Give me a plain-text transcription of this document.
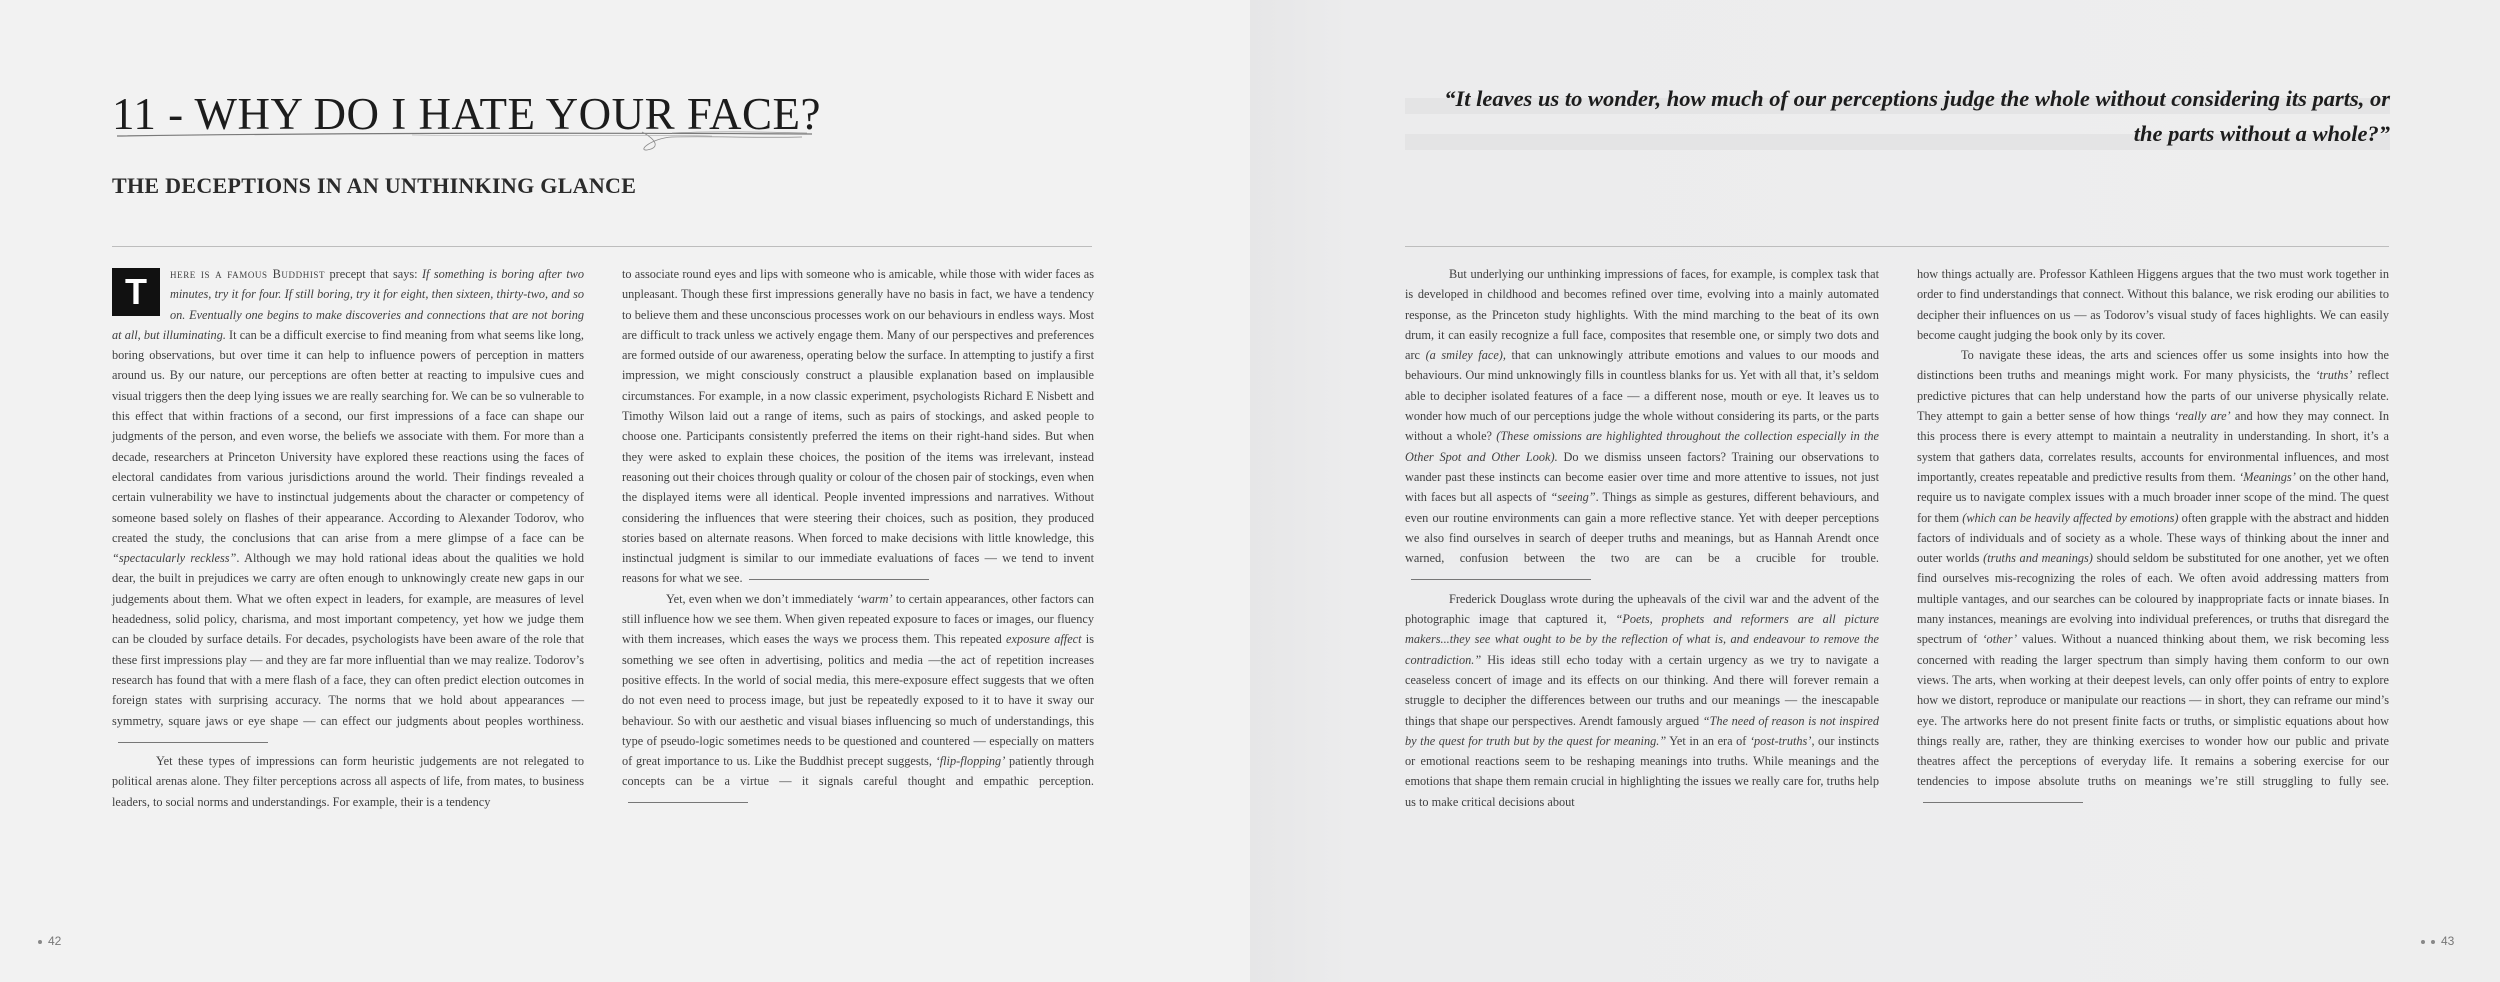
11 - WHY DO I HATE YOUR FACE?
THE DECEPTIONS IN AN UNTHINKING GLANCE

T	here is a famous Buddhist precept that says: If something is boring after two minutes, try it for four. If still boring, try it for eight, then sixteen, thirty-two, and so on. Eventually one begins to make discoveries and connections that are not boring at all, but illuminating. It can be a difficult exercise to find meaning from what seems like long, boring observations, but over time it can help to influence powers of perception in matters around us. By our nature, our perceptions are often better at reacting to impulsive cues and visual triggers then the deep lying issues we are really searching for. We can be so vulnerable to this effect that within fractions of a second, our first impressions of a face can shape our judgments of the person, and even worse, the beliefs we associate with them. For more than a decade, researchers at Princeton University have explored these reactions using the faces of electoral candidates from various jurisdictions around the world. Their findings revealed a certain vulnerability we have to instinctual judgements about the character or competency of someone based solely on flashes of their appearance. According to Alexander Todorov, who created the study, the conclusions that can arise from a mere glimpse of a face can be “spectacularly reckless”. Although we may hold rational ideas about the qualities we hold dear, the built in prejudices we carry are often enough to unknowingly create new gaps in our judgements about them. What we often expect in leaders, for example, are measures of level headedness, solid policy, charisma, and most important competency, yet how we judge them can be clouded by surface details. For decades, psychologists have been aware of the role that these first impressions play — and they are far more influential than we may realize. Todorov’s research has found that with a mere flash of a face, they can often predict election outcomes in foreign states with surprising accuracy. The norms that we hold about appearances — symmetry, square jaws or eye shape — can effect our judgments about peoples worthiness.

Yet these types of impressions can form heuristic judgements are not relegated to political arenas alone. They filter perceptions across all aspects of life, from mates, to business leaders, to social norms and understandings. For example, their is a tendency

to associate round eyes and lips with someone who is amicable, while those with wider faces as unpleasant. Though these first impressions generally have no basis in fact, we have a tendency to believe them and these unconscious processes work on our behaviours in endless ways. Most are difficult to track unless we actively engage them. Many of our perspectives and preferences are formed outside of our awareness, operating below the surface. In attempting to justify a first impression, we might consciously construct a plausible explanation based on implausible circumstances. For example, in a now classic experiment, psychologists Richard E Nisbett and Timothy Wilson laid out a range of items, such as pairs of stockings, and asked people to choose one. Participants consistently preferred the items on their right-hand sides. But when they were asked to explain these choices, the position of the items was irrelevant, instead reasoning out their choices through quality or colour of the chosen pair of stockings, even when the displayed items were all identical. People invented impressions and narratives. Without considering the influences that were steering their choices, such as position, they produced stories based on alternate reasons. When forced to make decisions with little knowledge, this instinctual judgment is similar to our immediate evaluations of faces — we tend to invent reasons for what we see.

Yet, even when we don’t immediately ‘warm’ to certain appearances, other factors can still influence how we see them. When given repeated exposure to faces or images, our fluency with them increases, which eases the ways we process them. This repeated exposure affect is something we see often in advertising, politics and media —the act of repetition increases positive effects. In the world of social media, this mere-exposure effect suggests that we often do not even need to process image, but just be repeatedly exposed to it to have it sway our behaviour. So with our aesthetic and visual biases influencing so much of understandings, this type of pseudo-logic sometimes needs to be questioned and countered — especially on matters of great importance to us. Like the Buddhist precept suggests, ‘flip-flopping’ patiently through concepts can be a virtue — it signals careful thought and empathic perception.

42
“It leaves us to wonder, how much of our perceptions judge the whole without considering its parts, or
the parts without a whole?”

But underlying our unthinking impressions of faces, for example, is complex task that is developed in childhood and becomes refined over time, evolving into a mainly automated response, as the Princeton study highlights. With the mind marching to the beat of its own drum, it can easily recognize a full face, composites that resemble one, or simply two dots and arc (a smiley face), that can unknowingly attribute emotions and values to our moods and behaviours. Our mind unknowingly fills in countless blanks for us. Yet with all that, it’s seldom able to decipher isolated features of a face — a different nose, mouth or eye. It leaves us to wonder how much of our perceptions judge the whole without considering its parts, or the parts without a whole? (These omissions are highlighted throughout the collection especially in the Other Spot and Other Look). Do we dismiss unseen factors? Training our observations to wander past these instincts can become easier over time and more attentive to issues, not just with faces but all aspects of “seeing”. Things as simple as gestures, different behaviours, and even our routine environments can gain a more reflective stance. Yet with deeper perceptions we also find ourselves in search of deeper truths and meanings, but as Hannah Arendt once warned, confusion between the two are can be a crucible for trouble.

Frederick Douglass wrote during the upheavals of the civil war and the advent of the photographic image that captured it, “Poets, prophets and reformers are all picture makers...they see what ought to be by the reflection of what is, and endeavour to remove the contradiction.” His ideas still echo today with a certain urgency as we try to navigate a ceaseless concert of image and its effects on our thinking. And there will forever remain a struggle to decipher the differences between our truths and our meanings — the inescapable things that shape our perspectives. Arendt famously argued “The need of reason is not inspired by the quest for truth but by the quest for meaning.” Yet in an era of ‘post-truths’, our instincts or emotional reactions seem to be reshaping meanings into truths. While meanings and the emotions that shape them remain crucial in highlighting the issues we really care for, truths help us to make critical decisions about

how things actually are. Professor Kathleen Higgens argues that the two must work together in order to find understandings that connect. Without this balance, we risk eroding our abilities to decipher their influences on us — as Todorov’s visual study of faces highlights. We can easily become caught judging the book only by its cover.

To navigate these ideas, the arts and sciences offer us some insights into how the distinctions been truths and meanings might work. For many physicists, the ‘truths’ reflect predictive pictures that can help understand how the parts of our universe physically relate. They attempt to gain a better sense of how things ‘really are’ and how they may connect. In this process there is every attempt to maintain a neutrality in understanding. In short, it’s a system that gathers data, correlates results, accounts for environmental influences, and most importantly, creates repeatable and predictive results from them. ‘Meanings’ on the other hand, require us to navigate complex issues with a much broader inner scope of the mind. The quest for them (which can be heavily affected by emotions) often grapple with the abstract and hidden factors of individuals and of society as a whole. These ways of thinking about the inner and outer worlds (truths and meanings) should seldom be substituted for one another, yet we often find ourselves mis-recognizing the roles of each. We often avoid addressing matters from multiple vantages, and our searches can be coloured by inappropriate facts or innate biases. In many instances, meanings are evolving into individual preferences, or truths that disregard the spectrum of ‘other’ values. Without a nuanced thinking about them, we risk becoming less concerned with reading the larger spectrum than simply having them conform to our own views. The arts, when working at their deepest levels, can only offer points of entry to explore how we distort, reproduce or manipulate our reactions — in short, they can reframe our mind’s eye. The artworks here do not present finite facts or truths, or simplistic equations about how things really are, rather, they are thinking exercises to wonder how our public and private theatres affect the perceptions of everyday life. It remains a sobering exercise for our tendencies to impose absolute truths on meanings we’re still struggling to fully see.

43
